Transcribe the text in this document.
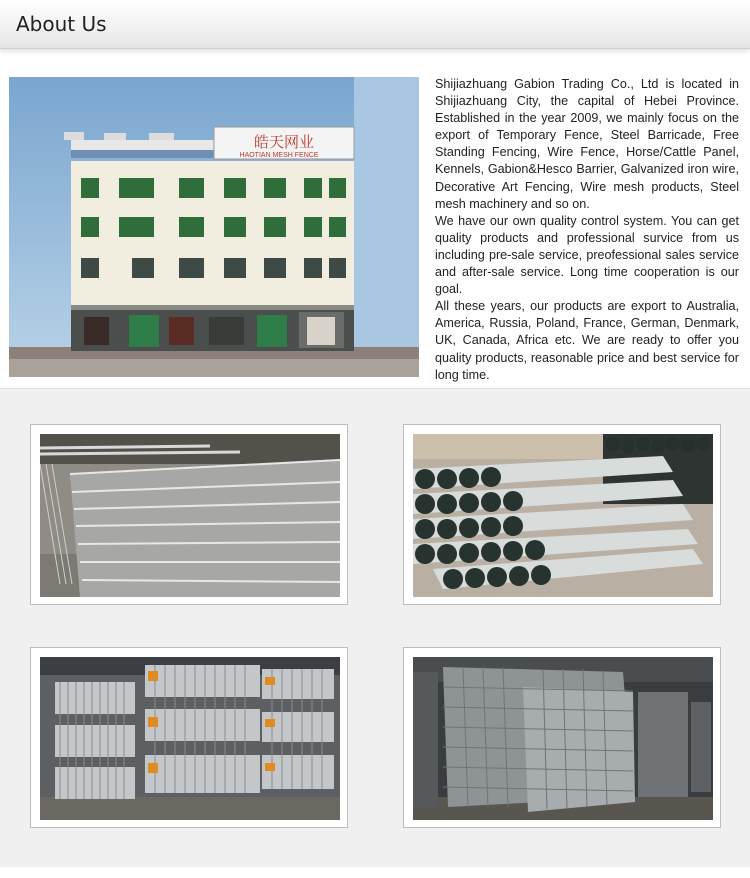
About Us
皓天网业
HAOTIAN MESH FENCE

Shijiazhuang Gabion Trading Co., Ltd is located in Shijiazhuang City, the capital of Hebei Province. Established in the year 2009, we mainly focus on the export of Temporary Fence, Steel Barricade, Free Standing Fencing, Wire Fence, Horse/Cattle Panel, Kennels, Gabion&Hesco Barrier, Galvanized iron wire, Decorative Art Fencing, Wire mesh products, Steel mesh machinery and so on.

We have our own quality control system. You can get quality products and professional survice from us including pre-sale service, preofessional sales service and after-sale service. Long time cooperation is our goal.

All these years, our products are export to Australia, America, Russia, Poland, France, German, Denmark, UK, Canada, Africa etc. We are ready to offer you quality products, reasonable price and best service for long time.
